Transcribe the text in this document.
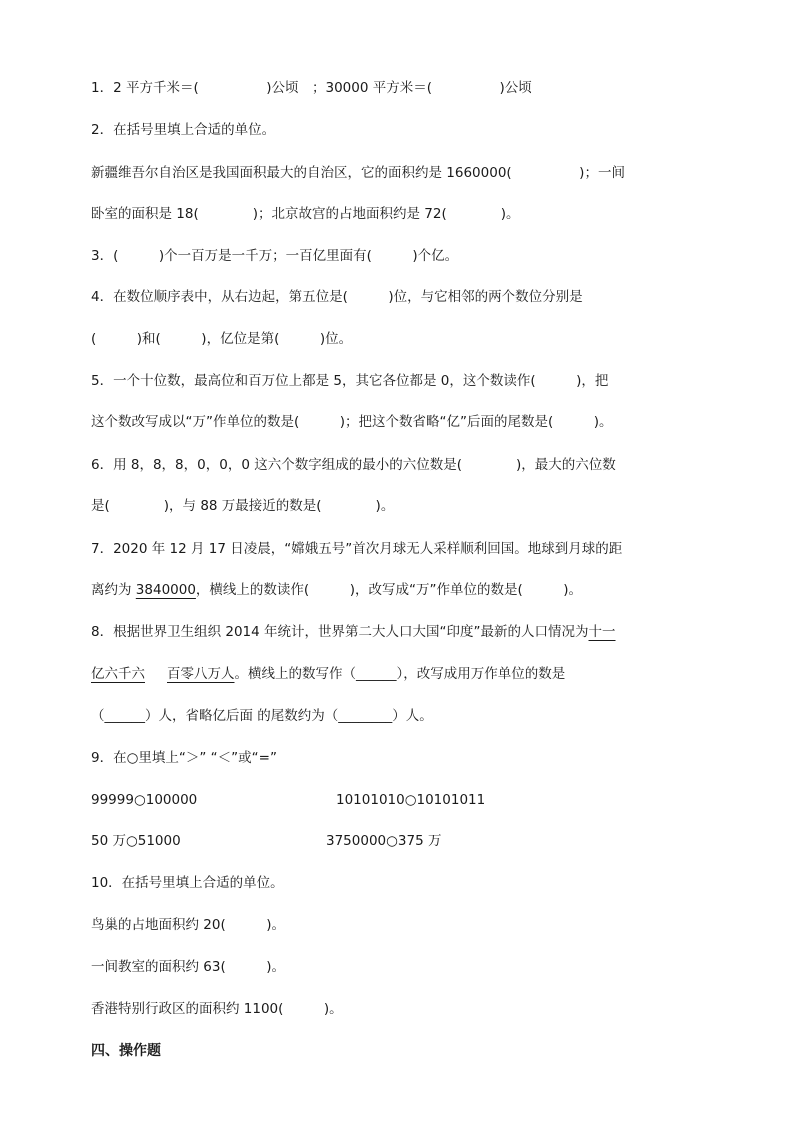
1．2 平方千米＝(　　　　　)公顷　；30000 平方米＝(　　　　　)公顷
2．在括号里填上合适的单位。
新疆维吾尔自治区是我国面积最大的自治区，它的面积约是 1660000(　　　　　)；一间
卧室的面积是 18(　　　　)；北京故宫的占地面积约是 72(　　　　)。
3．(　　　)个一百万是一千万；一百亿里面有(　　　)个亿。
4．在数位顺序表中，从右边起，第五位是(　　　)位，与它相邻的两个数位分别是
(　　　)和(　　　)，亿位是第(　　　)位。
5．一个十位数，最高位和百万位上都是 5，其它各位都是 0，这个数读作(　　　)，把
这个数改写成以“万”作单位的数是(　　　)；把这个数省略“亿”后面的尾数是(　　　)。
6．用 8，8，8，0，0，0 这六个数字组成的最小的六位数是(　　　　)，最大的六位数
是(　　　　)，与 88 万最接近的数是(　　　　)。
7．2020 年 12 月 17 日凌晨，“嫦娥五号”首次月球无人采样顺利回国。地球到月球的距
离约为 3840000，横线上的数读作(　　　)，改写成“万”作单位的数是(　　　)。
8．根据世界卫生组织 2014 年统计，世界第二大人口大国“印度”最新的人口情况为十一
亿六千六 百零八万人。横线上的数写作（______），改写成用万作单位的数是
（______）人，省略亿后面 的尾数约为（________）人。
9．在○里填上“＞” “＜”或“=”
99999○100000	10101010○10101011
50 万○51000	3750000○375 万
10．在括号里填上合适的单位。
鸟巢的占地面积约 20(　　　)。
一间教室的面积约 63(　　　)。
香港特别行政区的面积约 1100(　　　)。
四、操作题
